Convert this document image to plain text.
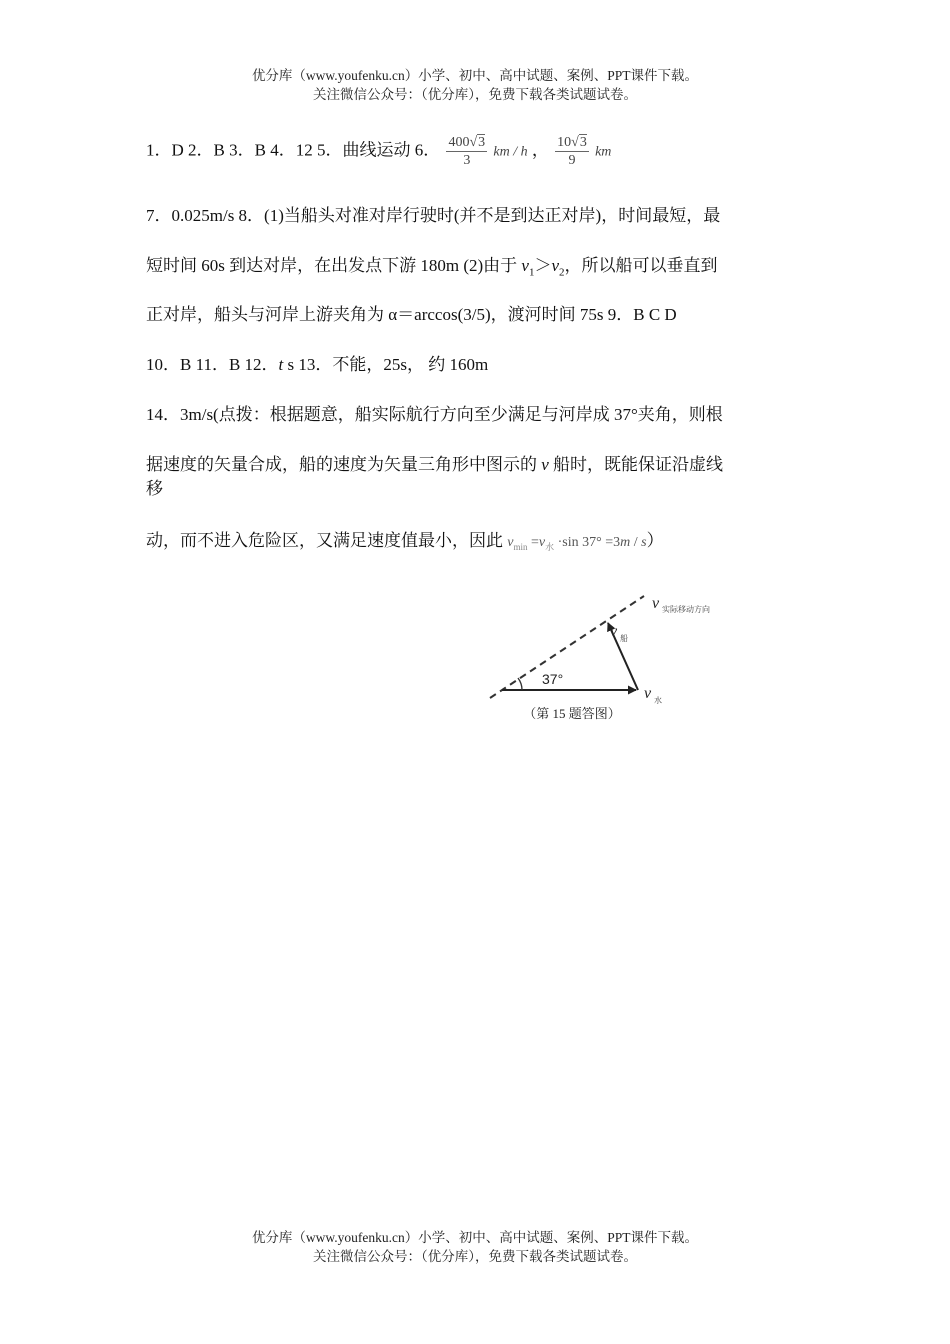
优分库（www.youfenku.cn）小学、初中、高中试题、案例、PPT课件下载。
关注微信公众号：（优分库），免费下载各类试题试卷。
1．D 2．B 3．B 4．12 5．曲线运动 6． $\frac{400√3}{3}$ km / h ， $\frac{10√3}{9}$ km
7．0.025m/s 8．(1)当船头对准对岸行驶时(并不是到达正对岸)，时间最短，最
短时间 60s 到达对岸，在出发点下游 180m (2)由于 $v_1>v_2$，所以船可以垂直到
正对岸，船头与河岸上游夹角为 α＝arccos(3/5)，渡河时间 75s 9．B C D
10．B 11．B 12．t s 13．不能，25s， 约 160m
14．3m/s(点拨：根据题意，船实际航行方向至少满足与河岸成 37°夹角，则根
据速度的矢量合成，船的速度为矢量三角形中图示的 v 船时，既能保证沿虚线
移
动，而不进入危险区，又满足速度值最小，因此 $v_{min} =v_水 \cdot\sin$ 37° =3m / s）
37°
v 实际移动方向
v 船
v 水
（第 15 题答图）
优分库（www.youfenku.cn）小学、初中、高中试题、案例、PPT课件下载。
关注微信公众号：（优分库），免费下载各类试题试卷。
